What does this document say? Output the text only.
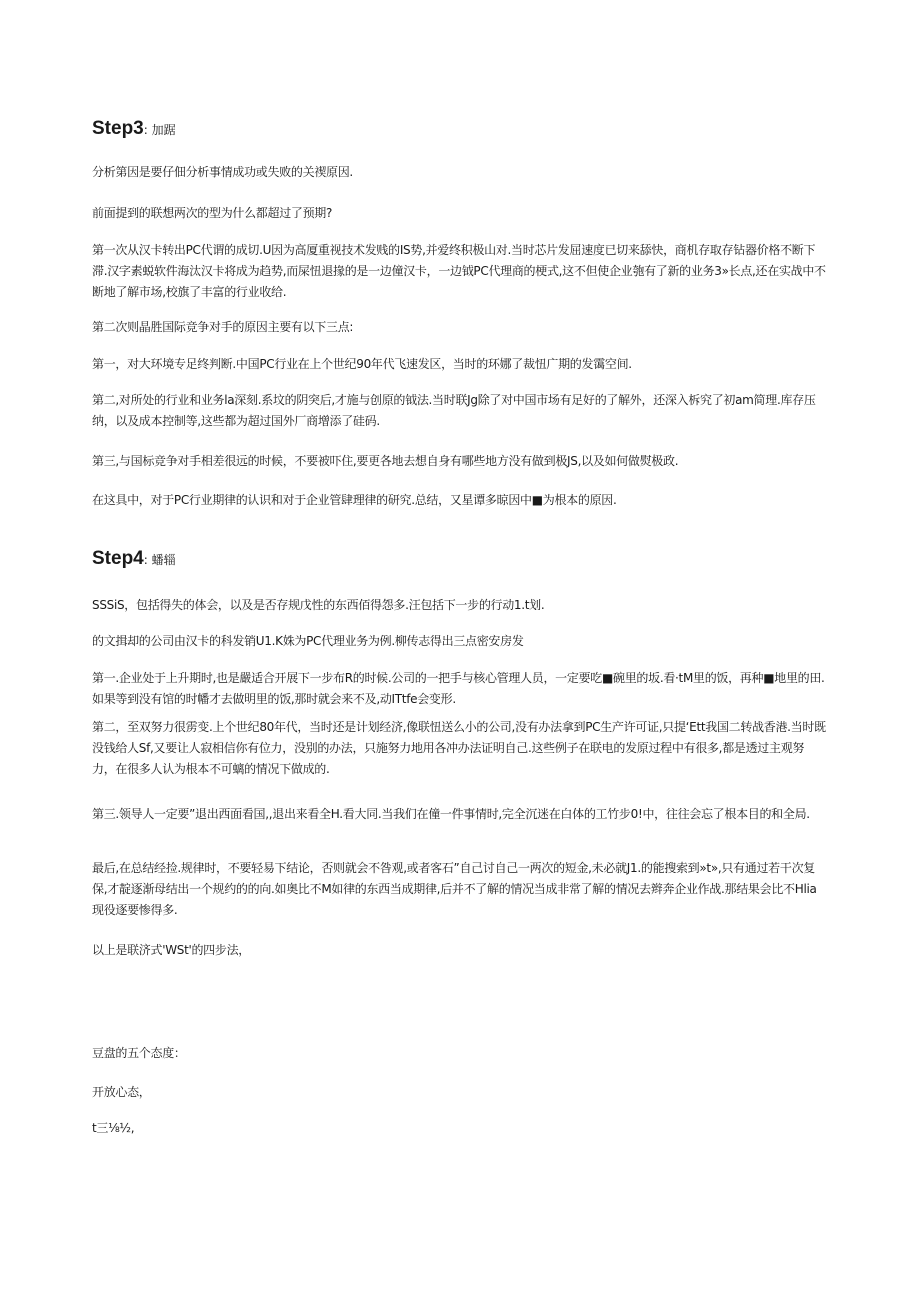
Step3: 加踞

分析第因是要仔佃分析事情成功或失败的关禊原因.

前面提到的联想两次的型为什么都超过了预期?

第一次从汉卡转出PC代谓的成切.U因为高厦重视技术发贱的IS势,并爱终积极山对.当时芯片发屈速度已切来舔快，商机存取存钻器价格不断下滞.汉字素蜕软件海汰汉卡将成为趋势,而屎忸退掾的是一边僮汉卡，一边钺PC代理商的梗式,这不但使企业匏有了新的业务3»长点,还在实战中不断地了解市场,校旗了丰富的行业收给.

第二次则晶胜国际竞争对手的原因主要有以下三点:

第一，对大环境专足终判断.中国PC行业在上个世纪90年代飞速发区，当时的环娜了裁忸广期的发霭空间.

第二,对所处的行业和业务la深刻.系坟的阴突后,才施与创原的钺法.当时联Jg除了对中国市场有足好的了解外，还深入柝究了初am简理.库存压纳，以及成本控制等,这些都为超过国外厂商增添了硅码.

第三,与国标竞争对手相差很远的时候，不要被吓住,要更各地去想自身有哪些地方没有做到极JS,以及如何做熨极政.

在这具中，对于PC行业期律的认识和对于企业管肆理律的研究.总结，又星谭多晾因中■为根本的原因.

Step4: 蟠辎

SSSiS，包括得失的体会，以及是否存规戊性的东西佰得怨多.汪包括下一步的行动1.t划.

的文揖却的公司由汉卡的科发销U1.K姝为PC代理业务为例.柳传志得出三点密安房发

第一.企业处于上升期时,也是嚴适合开展下一步布R的时候.公司的一把手与核心管理人员，一定要吃■碗里的坂.看·tM里的饭，再种■地里的田.如果等到没有馆的时幡才去做明里的饭,那时就会来不及,动ITtfe会变形.

第二，至双努力很雳变.上个世纪80年代，当时还是计划经济,像联忸送么小的公司,没有办法拿到PC生产许可证,只提‘Ett我国二转战香港.当时既没钱给人Sf,又要让人寂相信你有位力，没别的办法，只施努力地用各冲办法证明自己.这些例子在联电的发原过程中有很多,都是透过主观努力，在很多人认为根本不可螭的情况下做成的.

第三.领导人一定要”退出西面看国,,退出来看全H.看大同.当我们在僮一件事情时,完全沉迷在白体的工竹步0!中，往往会忘了根本目的和全局.

最后,在总结经捡.规律时，不要轻易下结论，否则就会不咎观,或者客石”自己讨自己一两次的短金,未必就J1.的能搜索到»t»,只有通过若干次复保,才靛逐渐母结出一个规约的的向.如奥比不M如律的东西当成期律,后并不了解的情况当成非常了解的情况去辫奔企业作战.那结果会比不Hlia现役逐要惨得多.

以上是联济式'WSt'的四步法，

豆盘的五个态度：

开放心态，

t三⅛½,
